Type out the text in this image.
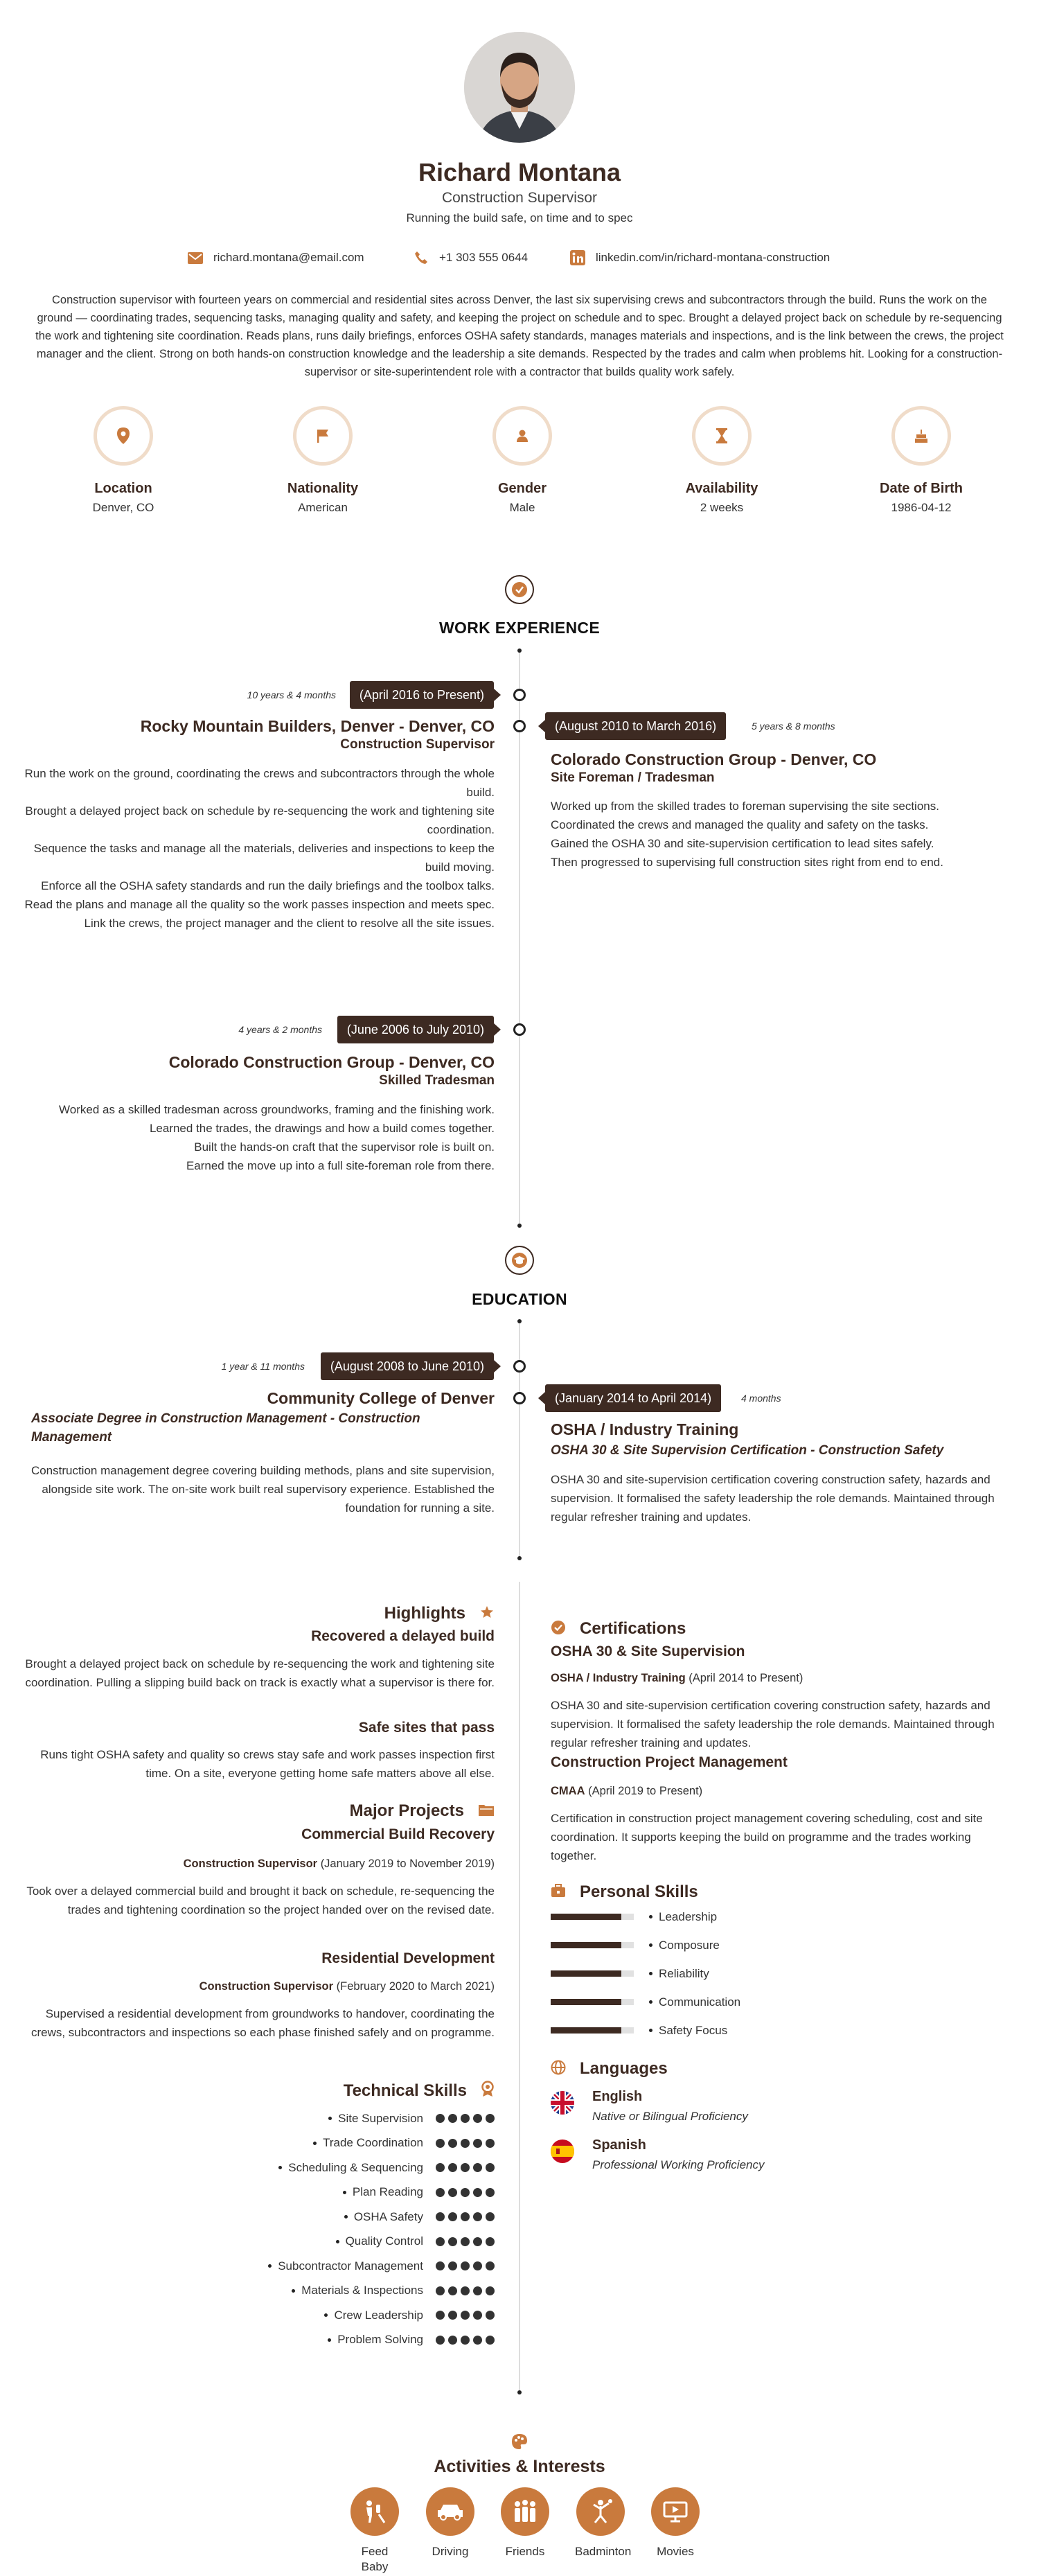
Richard Montana
Construction Supervisor
Running the build safe, on time and to spec
richard.montana@email.com	+1 303 555 0644	linkedin.com/in/richard-montana-construction

Construction supervisor with fourteen years on commercial and residential sites across Denver, the last six supervising crews and subcontractors through the build. Runs the work on the ground — coordinating trades, sequencing tasks, managing quality and safety, and keeping the project on schedule and to spec. Brought a delayed project back on schedule by re-sequencing the work and tightening site coordination. Reads plans, runs daily briefings, enforces OSHA safety standards, manages materials and inspections, and is the link between the crews, the project manager and the client. Strong on both hands-on construction knowledge and the leadership a site demands. Respected by the trades and calm when problems hit. Looking for a construction-supervisor or site-superintendent role with a contractor that builds quality work safely.

Location
Denver, CO
Nationality
American
Gender
Male
Availability
2 weeks
Date of Birth
1986-04-12
WORK EXPERIENCE
(April 2016 to Present)
10 years & 4 months
Rocky Mountain Builders, Denver - Denver, CO
Construction Supervisor

Run the work on the ground, coordinating the crews and subcontractors through the whole build.

Brought a delayed project back on schedule by re-sequencing the work and tightening site coordination.

Sequence the tasks and manage all the materials, deliveries and inspections to keep the build moving.

Enforce all the OSHA safety standards and run the daily briefings and the toolbox talks.

Read the plans and manage all the quality so the work passes inspection and meets spec.

Link the crews, the project manager and the client to resolve all the site issues.

(August 2010 to March 2016)	5 years & 8 months
Colorado Construction Group - Denver, CO
Site Foreman / Tradesman

Worked up from the skilled trades to foreman supervising the site sections.

Coordinated the crews and managed the quality and safety on the tasks.

Gained the OSHA 30 and site-supervision certification to lead sites safely.

Then progressed to supervising full construction sites right from end to end.

(June 2006 to July 2010)
4 years & 2 months
Colorado Construction Group - Denver, CO
Skilled Tradesman

Worked as a skilled tradesman across groundworks, framing and the finishing work.

Learned the trades, the drawings and how a build comes together.

Built the hands-on craft that the supervisor role is built on.

Earned the move up into a full site-foreman role from there.

EDUCATION
(August 2008 to June 2010)
1 year & 11 months
Community College of Denver
Associate Degree in Construction Management - Construction Management
Construction management degree covering building methods, plans and site supervision, alongside site work. The on-site work built real supervisory experience. Established the foundation for running a site.
(January 2014 to April 2014)	4 months
OSHA / Industry Training
OSHA 30 & Site Supervision Certification - Construction Safety
OSHA 30 and site-supervision certification covering construction safety, hazards and supervision. It formalised the safety leadership the role demands. Maintained through regular refresher training and updates.
Highlights
Recovered a delayed build
Brought a delayed project back on schedule by re-sequencing the work and tightening site coordination. Pulling a slipping build back on track is exactly what a supervisor is there for.
Safe sites that pass
Runs tight OSHA safety and quality so crews stay safe and work passes inspection first time. On a site, everyone getting home safe matters above all else.
Major Projects
Commercial Build Recovery
Construction Supervisor (January 2019 to November 2019)
Took over a delayed commercial build and brought it back on schedule, re-sequencing the trades and tightening coordination so the project handed over on the revised date.
Residential Development
Construction Supervisor (February 2020 to March 2021)
Supervised a residential development from groundworks to handover, coordinating the crews, subcontractors and inspections so each phase finished safely and on programme.
Technical Skills
Site Supervision
Trade Coordination
Scheduling & Sequencing
Plan Reading
OSHA Safety
Quality Control
Subcontractor Management
Materials & Inspections
Crew Leadership
Problem Solving
Certifications
OSHA 30 & Site Supervision
OSHA / Industry Training (April 2014 to Present)
OSHA 30 and site-supervision certification covering construction safety, hazards and supervision. It formalised the safety leadership the role demands. Maintained through regular refresher training and updates.
Construction Project Management
CMAA (April 2019 to Present)
Certification in construction project management covering scheduling, cost and site coordination. It supports keeping the build on programme and the trades working together.
Personal Skills
Leadership
Composure
Reliability
Communication
Safety Focus
Languages
English
Native or Bilingual Proficiency
Spanish
Professional Working Proficiency
Activities & Interests
Feed Baby
Driving	Friends	Badminton	Movies
